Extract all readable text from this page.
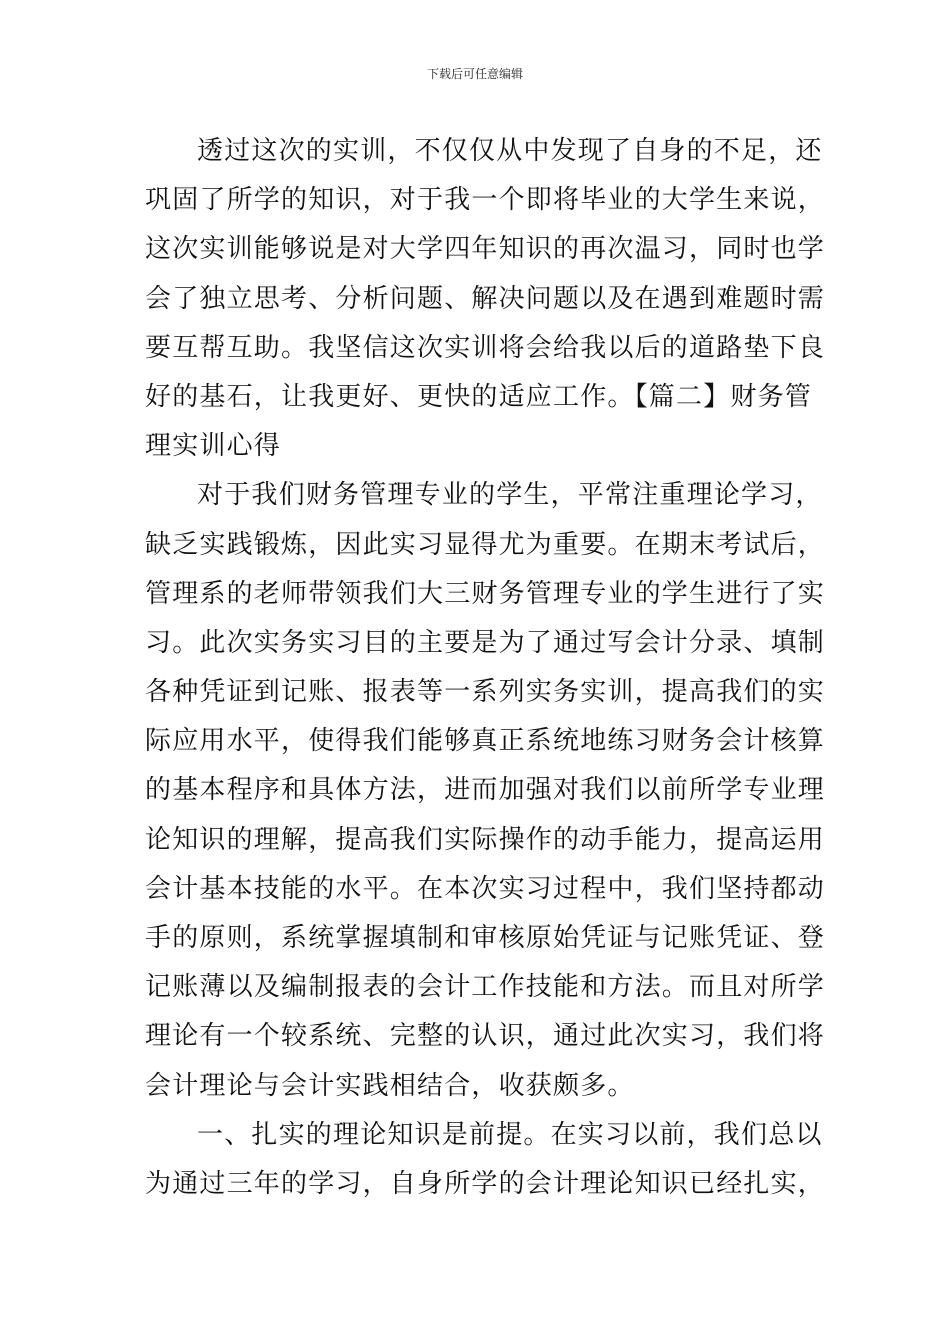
下载后可任意编辑
透过这次的实训，不仅仅从中发现了自身的不足，还
巩固了所学的知识，对于我一个即将毕业的大学生来说，
这次实训能够说是对大学四年知识的再次温习，同时也学
会了独立思考、分析问题、解决问题以及在遇到难题时需
要互帮互助。我坚信这次实训将会给我以后的道路垫下良
好的基石，让我更好、更快的适应工作。【篇二】财务管
理实训心得
对于我们财务管理专业的学生，平常注重理论学习，
缺乏实践锻炼，因此实习显得尤为重要。在期末考试后，
管理系的老师带领我们大三财务管理专业的学生进行了实
习。此次实务实习目的主要是为了通过写会计分录、填制
各种凭证到记账、报表等一系列实务实训，提高我们的实
际应用水平，使得我们能够真正系统地练习财务会计核算
的基本程序和具体方法，进而加强对我们以前所学专业理
论知识的理解，提高我们实际操作的动手能力，提高运用
会计基本技能的水平。在本次实习过程中，我们坚持都动
手的原则，系统掌握填制和审核原始凭证与记账凭证、登
记账薄以及编制报表的会计工作技能和方法。而且对所学
理论有一个较系统、完整的认识，通过此次实习，我们将
会计理论与会计实践相结合，收获颇多。
一、扎实的理论知识是前提。在实习以前，我们总以
为通过三年的学习，自身所学的会计理论知识已经扎实，
